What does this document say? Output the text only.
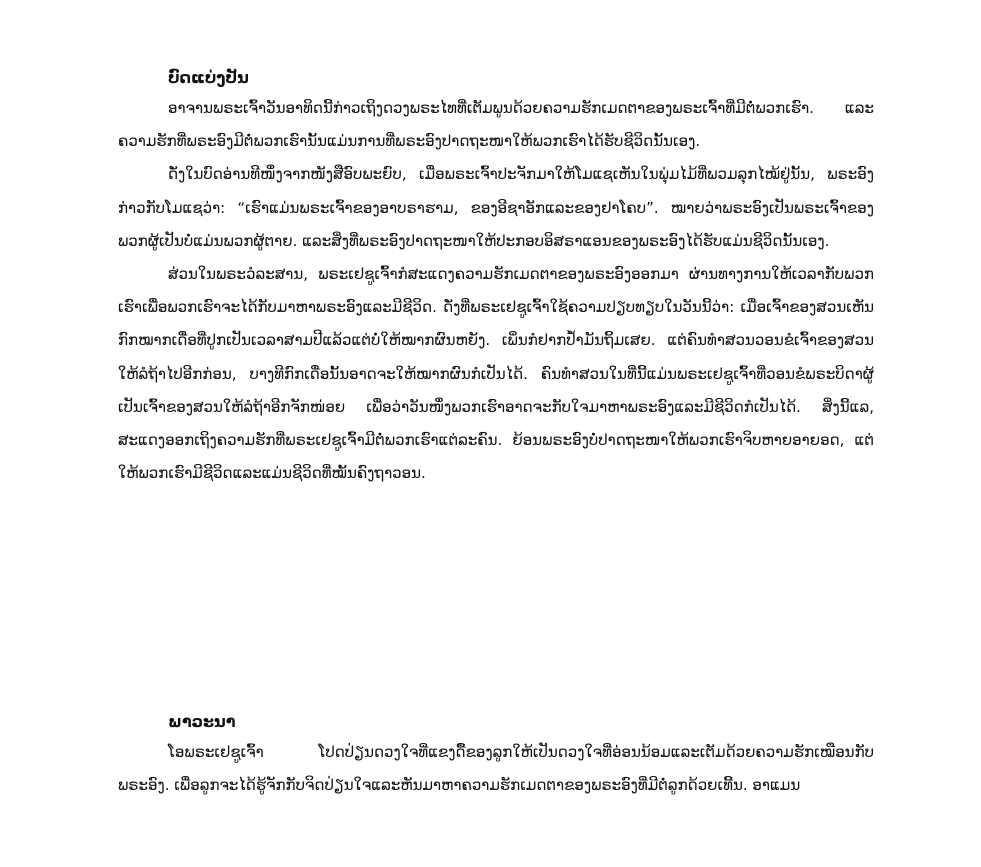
ບົດແບ່ງປັນ

ອາຈານພຣະເຈົ້າວັນອາທິດນີ້ກ່າວເຖິງດວງພຣະໄທທີ່ເຕັມພູນດ້ວຍຄວາມຮັກເມດຕາຂອງພຣະເຈົ້າທີ່ມີຕໍ່ພວກເຮົາ. ແລະຄວາມຮັກທີ່ພຣະອົງມີຕໍ່ພວກເຮົານັ້ນແມ່ນການທີ່ພຣະອົງປາດຖະໜາໃຫ້ພວກເຮົາໄດ້ຮັບຊີວິດນັ້ນເອງ.

ດັ່ງໃນບົດອ່ານທີໜຶ່ງຈາກໜັງສືອົບພະຍົບ, ເມື່ອພຣະເຈົ້າປະຈັກມາໃຫ້ໂມແຊເຫັນໃນພຸ່ມໄມ້ທີ່ພວມລຸກໄໝ້ຢູ່ນັ້ນ, ພຣະອົງກ່າວກັບໂມແຊວ່າ: “ເຮົາແມ່ນພຣະເຈົ້າຂອງອາບຣາຮາມ, ຂອງອີຊາອັກແລະຂອງຢາໂຄບ”. ໝາຍວ່າພຣະອົງເປັນພຣະເຈົ້າຂອງພວກຜູ້ເປັນບໍ່ແມ່ນພວກຜູ້ຕາຍ. ແລະສິ່ງທີ່ພຣະອົງປາດຖະໜາໃຫ້ປະກອບອິສຣາແອນຂອງພຣະອົງໄດ້ຮັບແມ່ນຊີວິດນັ້ນເອງ.

ສ່ວນໃນພຣະວໍລະສານ, ພຣະເຢຊູເຈົ້າກໍສະແດງຄວາມຮັກເມດຕາຂອງພຣະອົງອອກມາ ຜ່ານທາງການໃຫ້ເວລາກັບພວກເຮົາເພື່ອພວກເຮົາຈະໄດ້ກັບມາຫາພຣະອົງແລະມີຊີວິດ. ດັ່ງທີ່ພຣະເຢຊູເຈົ້າໃຊ້ຄວາມປຽບທຽບໃນວັນນີ້ວ່າ: ເມື່ອເຈົ້າຂອງສວນເຫັນກົກໝາກເດື່ອທີ່ປູກເປັນເວລາສາມປີແລ້ວແຕ່ບໍ່ໃຫ້ໝາກຜົນຫຍັງ. ເພິ່ນກໍຢາກປ້ຳມັນຖິ້ມເສຍ. ແຕ່ຄົນທຳສວນວອນຂໍເຈົ້າຂອງສວນໃຫ້ລໍຖ້າໄປອີກກ່ອນ, ບາງທີກົກເດື່ອນັ້ນອາດຈະໃຫ້ໝາກຜົນກໍເປັນໄດ້. ຄົນທຳສວນໃນທີ່ນີ້ແມ່ນພຣະເຢຊູເຈົ້າທີ່ວອນຂໍພຣະບິດາຜູ້ເປັນເຈົ້າຂອງສວນໃຫ້ລໍຖ້າອີກຈັກໜ່ອຍ ເພື່ອວ່າວັນໜຶ່ງພວກເຮົາອາດຈະກັບໃຈມາຫາພຣະອົງແລະມີຊີວິດກໍເປັນໄດ້. ສິ່ງນີ້ແລ, ສະແດງອອກເຖິງຄວາມຮັກທີ່ພຣະເຢຊູເຈົ້າມີຕໍ່ພວກເຮົາແຕ່ລະຄົນ. ຍ້ອນພຣະອົງບໍ່ປາດຖະໜາໃຫ້ພວກເຮົາຈິບຫາຍອາຍອດ, ແຕ່ໃຫ້ພວກເຮົາມີຊີວິດແລະແມ່ນຊີວິດທີ່ໝັ້ນຄົງຖາວອນ.

ພາວະນາ

ໂອພຣະເຢຊູເຈົ້າ ໂປດປ່ຽນດວງໃຈທີ່ແຂງດື້ຂອງລູກໃຫ້ເປັນດວງໃຈທີ່ອ່ອນນ້ອມແລະເຕັມດ້ວຍຄວາມຮັກເໝືອນກັບພຣະອົງ. ເພື່ອລູກຈະໄດ້ຮູ້ຈັກກັບຈິດປ່ຽນໃຈແລະຫັນມາຫາຄວາມຮັກເມດຕາຂອງພຣະອົງທີ່ມີຕໍ່ລູກດ້ວຍເທີ້ນ. ອາແມນ
